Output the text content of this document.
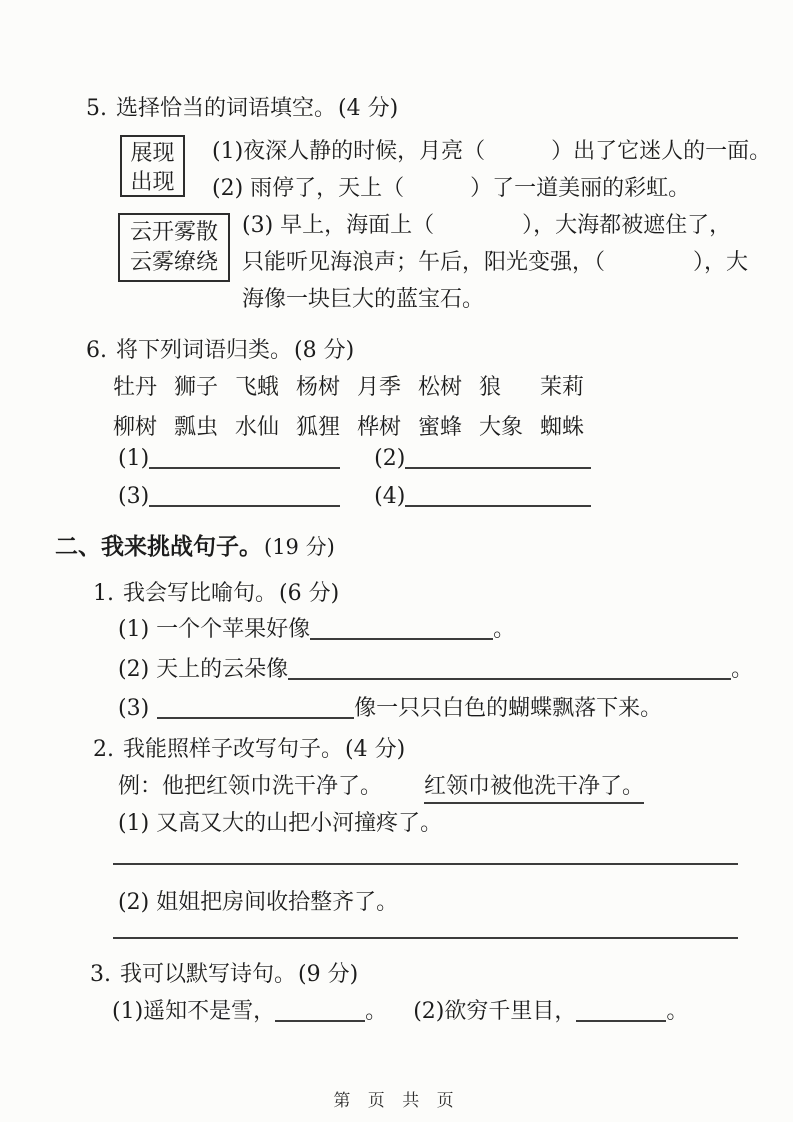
5. 选择恰当的词语填空。 (4 分)
展现
出现
(1)夜深人静的时候，月亮（　　　）出了它迷人的一面。
(2) 雨停了，天上（　　　）了一道美丽的彩虹。
云开雾散
云雾缭绕
(3) 早上，海面上（　　　　），大海都被遮住了，
只能听见海浪声；午后，阳光变强，（　　　　），大
海像一块巨大的蓝宝石。
6. 将下列词语归类。 (8 分)
牡丹 狮子 飞蛾 杨树 月季 松树 狼	茉莉
柳树 瓢虫 水仙 狐狸 桦树 蜜蜂 大象 蜘蛛
(1)	(2)
(3)	(4)
二、 我来挑战句子。 (19 分)
1. 我会写比喻句。 (6 分)
(1) 一个个苹果好像	。
(2) 天上的云朵像	。
(3)	像一只只白色的蝴蝶飘落下来。
2. 我能照样子改写句子。 (4 分)
例：他把红领巾洗干净了。 红领巾被他洗干净了。
(1) 又高又大的山把小河撞疼了。
(2) 姐姐把房间收拾整齐了。
3. 我可以默写诗句。 (9 分)
(1)遥知不是雪，	。 (2)欲穷千里目，	。
第 页 共 页
